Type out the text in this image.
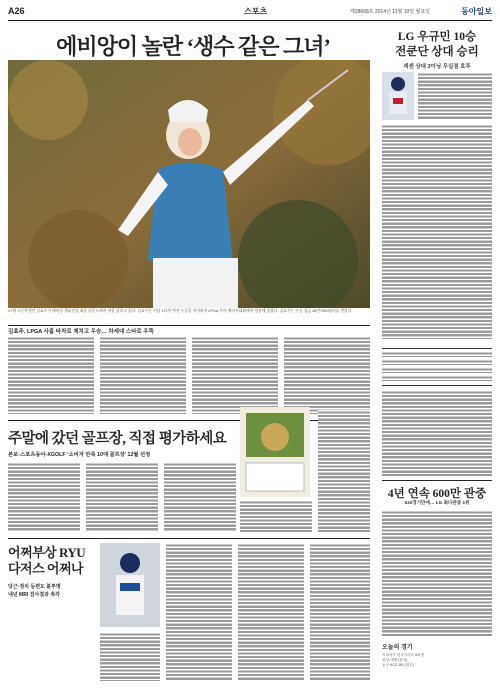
A26	스포츠	제28668호 2014년 11월 10일 월요일	동아일보
에비앙이 놀란 ‘생수 같은 그녀’
17세 고등학생인 김효주가 에비앙 챔피언십 최종 라운드에서 샷을 날리고 있다. 김효주는 이날 1타차 역전 우승을 차지하며 LPGA 투어 메이저대회에서 정상에 올랐다. 김효주는 우승 상금 48만7500달러를 받았다.
김효주, LPGA 사흘 타차로 제치고 우승… 차세대 스타로 우뚝
LG 우규민 10승
전쿤단 상대 승리
넥센 상대 3이닝 무실점 호투
주말에 갔던 골프장, 직접 평가하세요
본보-스포츠동아-XGOLF ‘소비자 만족 10대 골프장’ 12월 선정
어쩌부상 RYU
다저스 어쩌나
당근·정치 등편도 불투명
내년 MRI 검사결과 촉각
4년 연속 600만 관중
533경기만에… LG 최다관중 1위
오늘의 경기
프로야구 한국시리즈 6차전
삼성-넥센 (잠실)
농구 KCC-SK (전주)
